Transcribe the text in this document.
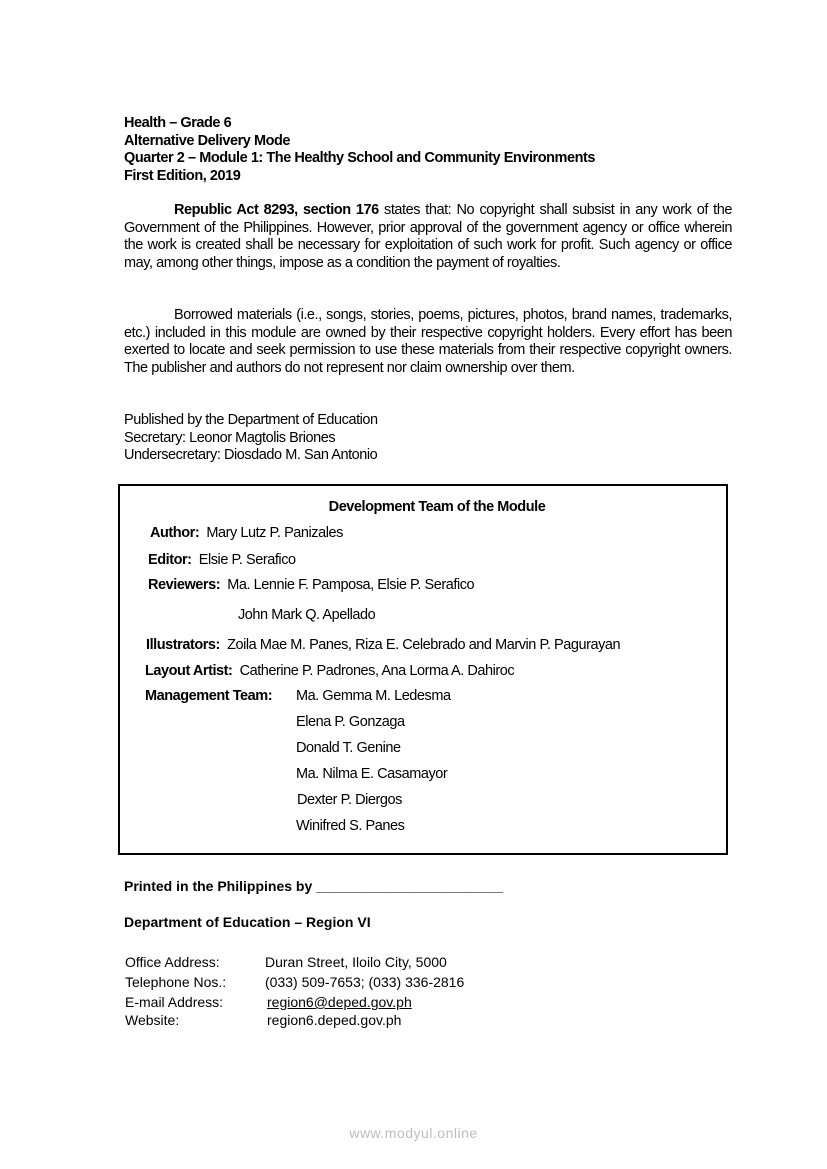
Health – Grade 6
Alternative Delivery Mode
Quarter 2 – Module 1: The Healthy School and Community Environments
First Edition, 2019
Republic Act 8293, section 176 states that: No copyright shall subsist in any work of the Government of the Philippines. However, prior approval of the government agency or office wherein the work is created shall be necessary for exploitation of such work for profit. Such agency or office may, among other things, impose as a condition the payment of royalties.
Borrowed materials (i.e., songs, stories, poems, pictures, photos, brand names, trademarks, etc.) included in this module are owned by their respective copyright holders. Every effort has been exerted to locate and seek permission to use these materials from their respective copyright owners. The publisher and authors do not represent nor claim ownership over them.
Published by the Department of Education
Secretary: Leonor Magtolis Briones
Undersecretary: Diosdado M. San Antonio
Development Team of the Module
Author: Mary Lutz P. Panizales
Editor: Elsie P. Serafico
Reviewers: Ma. Lennie F. Pamposa, Elsie P. Serafico
John Mark Q. Apellado
Illustrators: Zoila Mae M. Panes, Riza E. Celebrado and Marvin P. Pagurayan
Layout Artist: Catherine P. Padrones, Ana Lorma A. Dahiroc
Management Team: Ma. Gemma M. Ledesma
Elena P. Gonzaga
Donald T. Genine
Ma. Nilma E. Casamayor
Dexter P. Diergos
Winifred S. Panes
Printed in the Philippines by ________________________
Department of Education – Region VI
Office Address:	Duran Street, Iloilo City, 5000
Telephone Nos.:	(033) 509-7653; (033) 336-2816
E-mail Address:	region6@deped.gov.ph
Website:	region6.deped.gov.ph
www.modyul.online
